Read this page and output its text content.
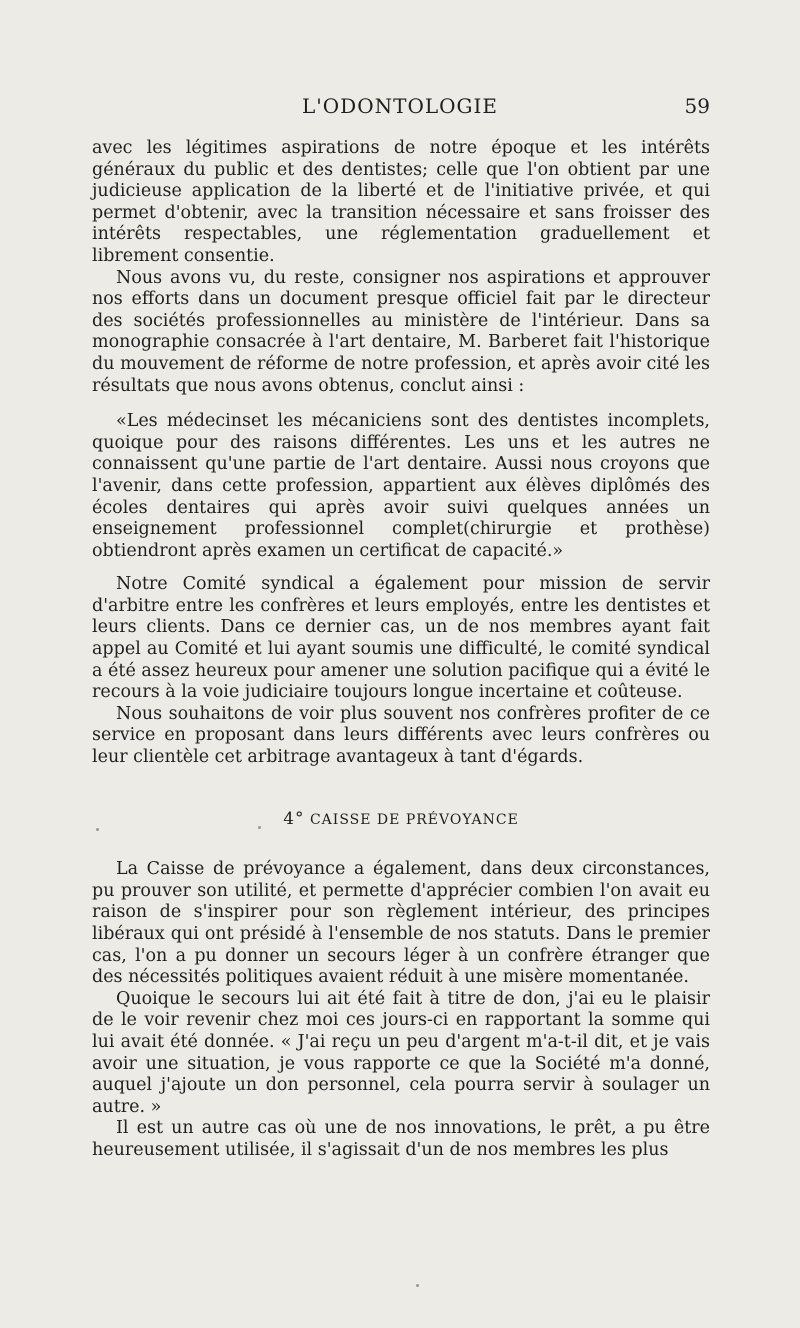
L'ODONTOLOGIE	59

avec les légitimes aspirations de notre époque et les intérêts généraux du public et des dentistes; celle que l'on obtient par une judicieuse application de la liberté et de l'initiative privée, et qui permet d'obtenir, avec la transition nécessaire et sans froisser des intérêts respectables, une réglementation graduellement et librement consentie.

Nous avons vu, du reste, consigner nos aspirations et approuver nos efforts dans un document presque officiel fait par le directeur des sociétés professionnelles au ministère de l'intérieur. Dans sa monographie consacrée à l'art dentaire, M. Barberet fait l'historique du mouvement de réforme de notre profession, et après avoir cité les résultats que nous avons obtenus, conclut ainsi :

«Les médecinset les mécaniciens sont des dentistes incomplets, quoique pour des raisons différentes. Les uns et les autres ne connaissent qu'une partie de l'art dentaire. Aussi nous croyons que l'avenir, dans cette profession, appartient aux élèves diplômés des écoles dentaires qui après avoir suivi quelques années un enseignement professionnel complet(chirurgie et prothèse) obtiendront après examen un certificat de capacité.»

Notre Comité syndical a également pour mission de servir d'arbitre entre les confrères et leurs employés, entre les dentistes et leurs clients. Dans ce dernier cas, un de nos membres ayant fait appel au Comité et lui ayant soumis une difficulté, le comité syndical a été assez heureux pour amener une solution pacifique qui a évité le recours à la voie judiciaire toujours longue incertaine et coûteuse.

Nous souhaitons de voir plus souvent nos confrères profiter de ce service en proposant dans leurs différents avec leurs confrères ou leur clientèle cet arbitrage avantageux à tant d'égards.

4° CAISSE DE PRÉVOYANCE

La Caisse de prévoyance a également, dans deux circonstances, pu prouver son utilité, et permette d'apprécier combien l'on avait eu raison de s'inspirer pour son règlement intérieur, des principes libéraux qui ont présidé à l'ensemble de nos statuts. Dans le premier cas, l'on a pu donner un secours léger à un confrère étranger que des nécessités politiques avaient réduit à une misère momentanée.

Quoique le secours lui ait été fait à titre de don, j'ai eu le plaisir de le voir revenir chez moi ces jours-ci en rapportant la somme qui lui avait été donnée. « J'ai reçu un peu d'argent m'a-t-il dit, et je vais avoir une situation, je vous rapporte ce que la Société m'a donné, auquel j'ajoute un don personnel, cela pourra servir à soulager un autre. »

Il est un autre cas où une de nos innovations, le prêt, a pu être heureusement utilisée, il s'agissait d'un de nos membres les plus
